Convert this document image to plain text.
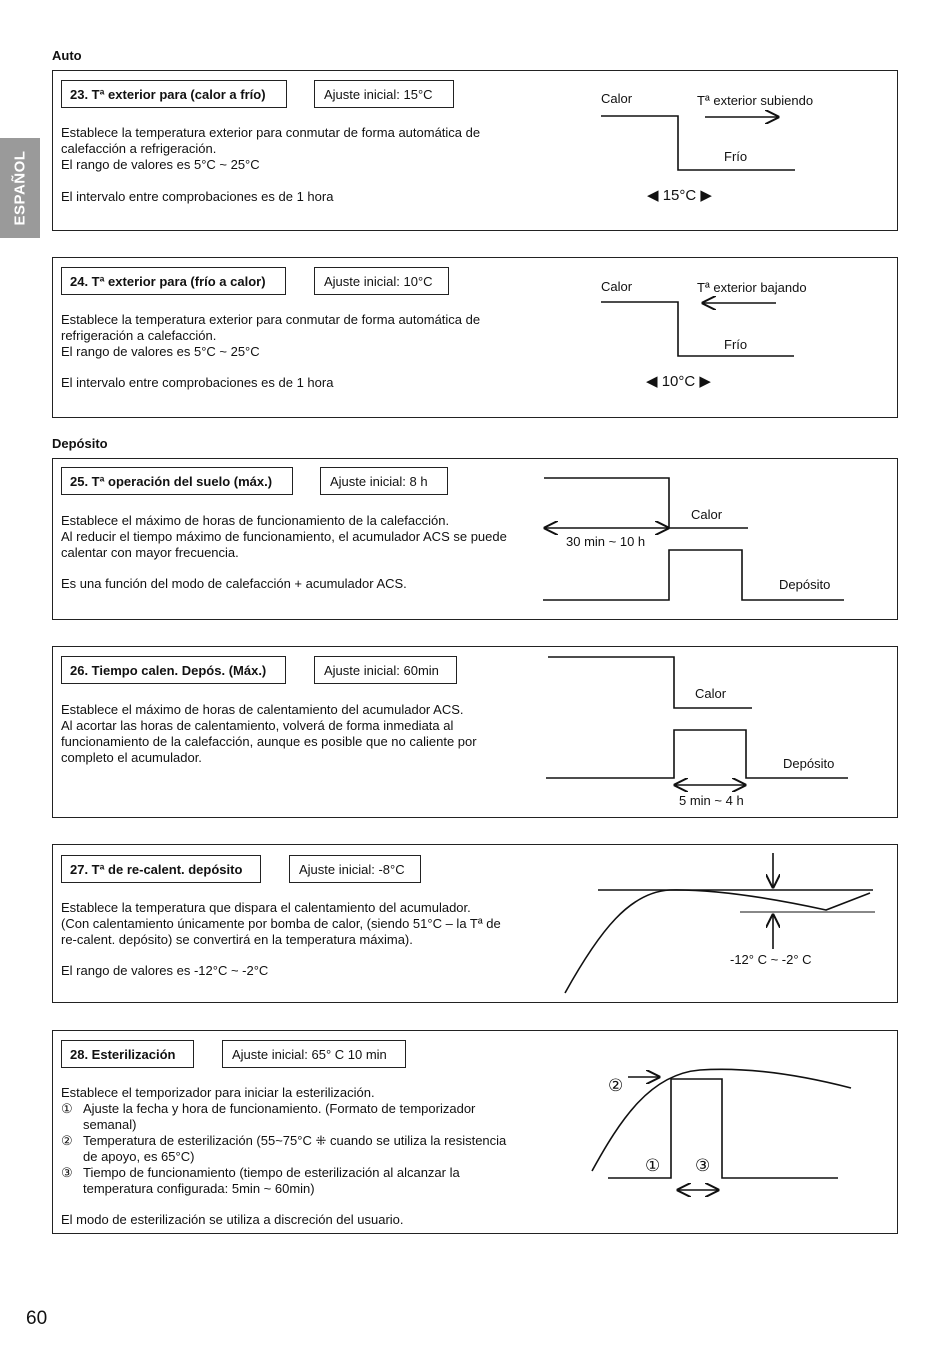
ESPAÑOL
Auto
23. Tª exterior para (calor a frío)	Ajuste inicial: 15°C
Establece la temperatura exterior para conmutar de forma automática de
calefacción a refrigeración.
El rango de valores es 5°C ~ 25°C
El intervalo entre comprobaciones es de 1 hora
Calor	Tª exterior subiendo
Frío
◀ 15°C ▶
24. Tª exterior para (frío a calor)	Ajuste inicial: 10°C
Establece la temperatura exterior para conmutar de forma automática de
refrigeración a calefacción.
El rango de valores es 5°C ~ 25°C
El intervalo entre comprobaciones es de 1 hora
Calor	Tª exterior bajando
Frío
◀ 10°C ▶
Depósito
25. Tª operación del suelo (máx.)	Ajuste inicial: 8 h
Establece el máximo de horas de funcionamiento de la calefacción.
Al reducir el tiempo máximo de funcionamiento, el acumulador ACS se puede
calentar con mayor frecuencia.
Es una función del modo de calefacción + acumulador ACS.
Calor
30 min ~ 10 h
Depósito
26. Tiempo calen. Depós. (Máx.)	Ajuste inicial: 60min
Establece el máximo de horas de calentamiento del acumulador ACS.
Al acortar las horas de calentamiento, volverá de forma inmediata al
funcionamiento de la calefacción, aunque es posible que no caliente por
completo el acumulador.
Calor
Depósito
5 min ~ 4 h
27. Tª de re-calent. depósito	Ajuste inicial: -8°C
Establece la temperatura que dispara el calentamiento del acumulador.
(Con calentamiento únicamente por bomba de calor, (siendo 51°C – la Tª de
re-calent. depósito) se convertirá en la temperatura máxima).
El rango de valores es -12°C ~ -2°C
-12° C ~ -2° C
28. Esterilización	Ajuste inicial: 65° C 10 min
Establece el temporizador para iniciar la esterilización.
① Ajuste la fecha y hora de funcionamiento. (Formato de temporizador
semanal)
② Temperatura de esterilización (55~75°C ⁜ cuando se utiliza la resistencia
de apoyo, es 65°C)
③ Tiempo de funcionamiento (tiempo de esterilización al alcanzar la
temperatura configurada: 5min ~ 60min)
El modo de esterilización se utiliza a discreción del usuario.
②
① ③
60
